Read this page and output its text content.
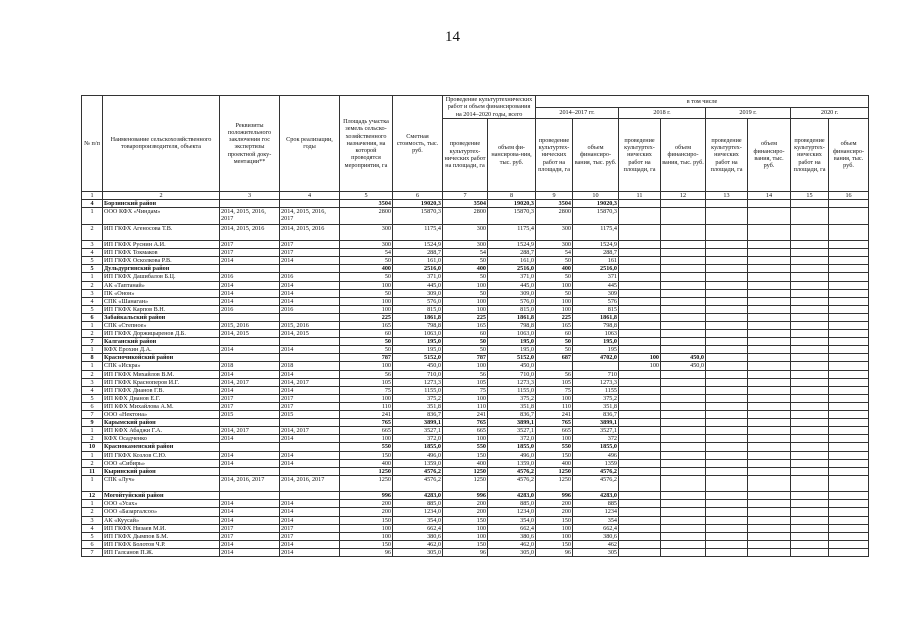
14
№ п/п	Наименование сельскохозяйственного товаропроизводителя, объекта	Реквизиты положительного заключения гос экспертизы проектной доку-ментации**	Срок реализации, годы	Площадь участка земель сельско-хозяйственного назначения, на которой проводятся мероприятия, га	Сметная стоимость, тыс. руб.	Проведение культуртехнических работ и объем финансирования на 2014–2020 годы, всего		в том числе							
								2014–2017 гг.		2018 г.		2019 г.		2020 г.	
						проведение культуртех-нических работ на площади, га	объем фи-нансирова-ния, тыс. руб.	проведение культуртех-нических работ на площади, га	объем финансиро-вания, тыс. руб.	проведение культуртех-нических работ на площади, га	объем финансиро-вания, тыс. руб.	проведение культуртех-нических работ на площади, га	объем финансиро-вания, тыс. руб.	проведение культуртех-нических работ на площади, га	объем финансиро-вания, тыс. руб.
1	2	3	4	5	6	7	8	9	10	11	12	13	14	15	16
4	Борзинский район			3504	19020,3	3504	19020,3	3504	19020,3						
1	ООО КФХ «Чиндам»	2014, 2015, 2016, 2017	2014, 2015, 2016, 2017	2800	15870,3	2800	15870,3	2800	15870,3						
2	ИП ГКФХ Агеносова Т.В.	2014, 2015, 2016	2014, 2015, 2016	300	1175,4	300	1175,4	300	1175,4						
3	ИП ГКФХ Руснин А.И.	2017	2017	300	1524,9	300	1524,9	300	1524,9						
4	ИП ГКФХ Токмаков	2017	2017	54	288,7	54	288,7	54	288,7						
5	ИП ГКФХ Осколкова Р.В.	2014	2014	50	161,0	50	161,0	50	161						
5	Дульдургинский район			400	2516,0	400	2516,0	400	2516,0						
1	ИП ГКФХ Дашибалов Б.Ц.	2016	2016	50	371,0	50	371,0	50	371						
2	АК «Таптанай»	2014	2014	100	445,0	100	445,0	100	445						
3	ПК «Онон»	2014	2014	50	309,0	50	309,0	50	309						
4	СПК «Шанаган»	2014	2014	100	576,0	100	576,0	100	576						
5	ИП ГКФХ Карпов В.Н.	2016	2016	100	815,0	100	815,0	100	815						
6	Забайкальский район			225	1861,8	225	1861,8	225	1861,8						
1	СПК «Степное»	2015, 2016	2015, 2016	165	798,8	165	798,8	165	798,8						
2	ИП ГКФХ Доржицыренов Д.Б.	2014, 2015	2014, 2015	60	1063,0	60	1063,0	60	1063						
7	Калганский район			50	195,0	50	195,0	50	195,0						
1	КФХ Ерохин Д.А.	2014	2014	50	195,0	50	195,0	50	195						
8	Красночикойский район			787	5152,0	787	5152,0	687	4702,0	100	450,0				
1	СПК «Искра»	2018	2018	100	450,0	100	450,0			100	450,0				
2	ИП ГКФХ Михайлов В.М.	2014	2014	56	710,0	56	710,0	56	710						
3	ИП ГКФХ Красноперов И.Г.	2014, 2017	2014, 2017	105	1273,3	105	1273,3	105	1273,3						
4	ИП ГКФХ Дианов Г.В.	2014	2014	75	1155,0	75	1155,0	75	1155						
5	ИП КФХ Дианов Е.Г.	2017	2017	100	375,2	100	375,2	100	375,2						
6	ИП КФХ Михайлова А.М.	2017	2017	110	351,8	110	351,8	110	351,8						
7	ООО «Нектона»	2015	2015	241	836,7	241	836,7	241	836,7						
9	Карымский район			765	3899,1	765	3899,1	765	3899,1						
1	ИП КФХ Абаджи Г.А.	2014, 2017	2014, 2017	665	3527,1	665	3527,1	665	3527,1						
2	КФХ Осадченко	2014	2014	100	372,0	100	372,0	100	372						
10	Краснокаменский район			550	1855,0	550	1855,0	550	1855,0						
1	ИП ГКФХ Козлов С.Ю.	2014	2014	150	496,0	150	496,0	150	496						
2	ООО «Сибирь»	2014	2014	400	1359,0	400	1359,0	400	1359						
11	Кыринский район			1250	4576,2	1250	4576,2	1250	4576,2						
1	СПК «Луч»	2014, 2016, 2017	2014, 2016, 2017	1250	4576,2	1250	4576,2	1250	4576,2						
12	Могойтуйский район			996	4283,0	996	4283,0	996	4283,0						
1	ООО «Усах»	2014	2014	200	885,0	200	885,0	200	885						
2	ООО «Базаргалсоо»	2014	2014	200	1234,0	200	1234,0	200	1234						
3	АК «Куусай»	2014	2014	150	354,0	150	354,0	150	354						
4	ИП ГКФХ Низаев М.И.	2017	2017	100	662,4	100	662,4	100	662,4						
5	ИП ГКФХ Дымпов Б.М.	2017	2017	100	380,6	100	380,6	100	380,6						
6	ИП ГКФХ Болотов Ч.Р.	2014	2014	150	462,0	150	462,0	150	462						
7	ИП Галсанов П.Ж.	2014	2014	96	305,0	96	305,0	96	305						
